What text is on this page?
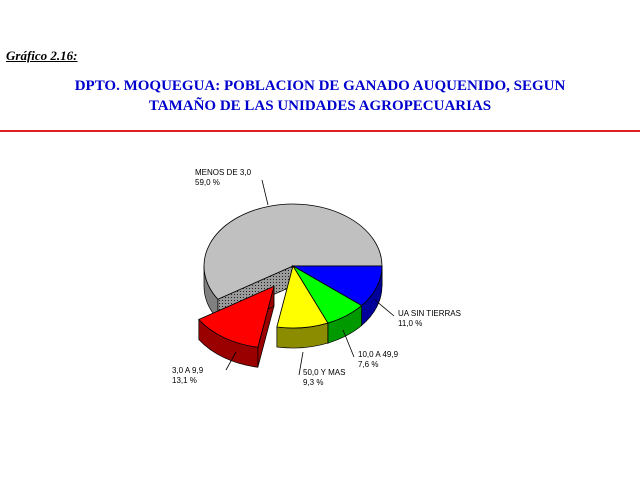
Gráfico 2.16:
DPTO. MOQUEGUA: POBLACION DE GANADO AUQUENIDO, SEGUN
TAMAÑO DE LAS UNIDADES AGROPECUARIAS
UA SIN TIERRAS
11,0 %
10,0 A 49,9
7,6 %
50,0 Y MAS
9,3 %
3,0 A 9,9
13,1 %
MENOS DE 3,0
59,0 %
